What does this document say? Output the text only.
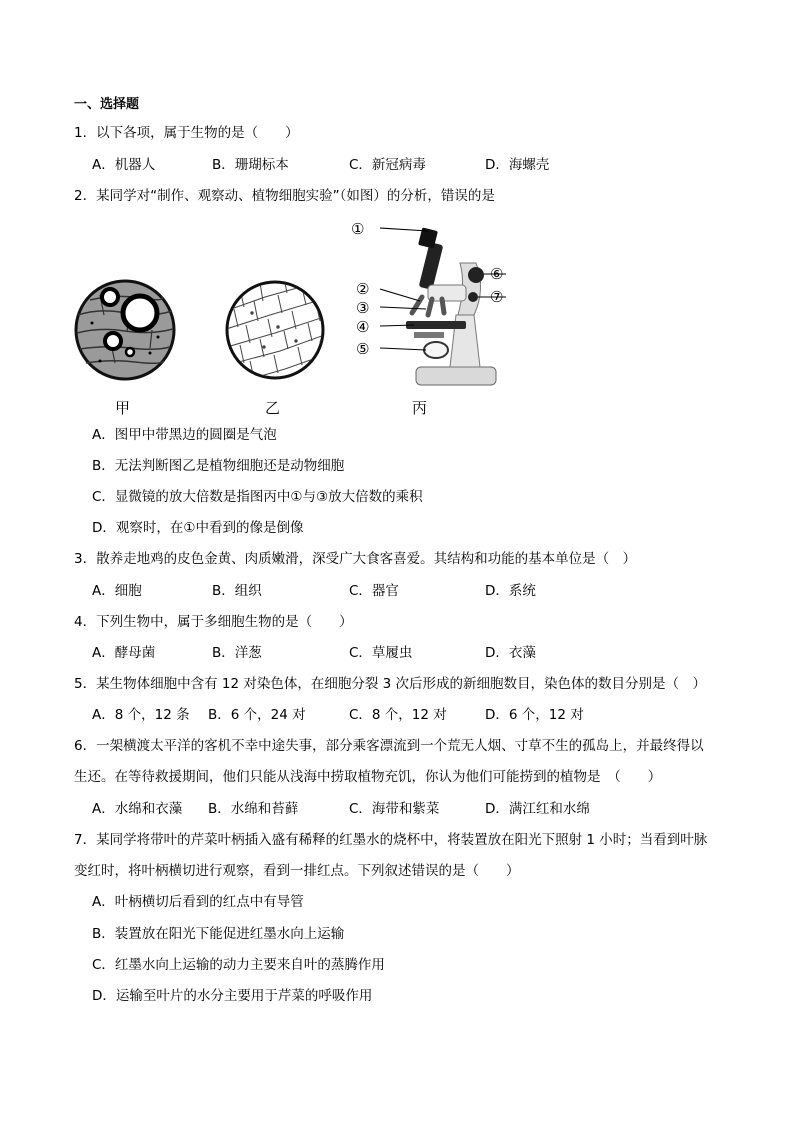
一、选择题
1．以下各项，属于生物的是（　　）
A．机器人	B．珊瑚标本	C．新冠病毒	D．海螺壳
2．某同学对“制作、观察动、植物细胞实验”（如图）的分析，错误的是
甲	乙
①
②
③
④
⑤
⑥
⑦
丙
A．图甲中带黑边的圆圈是气泡
B．无法判断图乙是植物细胞还是动物细胞
C．显微镜的放大倍数是指图丙中①与③放大倍数的乘积
D．观察时，在①中看到的像是倒像
3．散养走地鸡的皮色金黄、肉质嫩滑，深受广大食客喜爱。其结构和功能的基本单位是（　）
A．细胞	B．组织	C．器官	D．系统
4．下列生物中，属于多细胞生物的是（　　）
A．酵母菌	B．洋葱	C．草履虫	D．衣藻
5．某生物体细胞中含有 12 对染色体，在细胞分裂 3 次后形成的新细胞数目，染色体的数目分别是（　）
A．8 个，12 条 B．6 个，24 对	C．8 个，12 对	D．6 个，12 对
6．一架横渡太平洋的客机不幸中途失事，部分乘客漂流到一个荒无人烟、寸草不生的孤岛上，并最终得以
生还。在等待救援期间，他们只能从浅海中捞取植物充饥，你认为他们可能捞到的植物是　（　　）
A．水绵和衣藻 B．水绵和苔藓	C．海带和紫菜	D．满江红和水绵
7．某同学将带叶的芹菜叶柄插入盛有稀释的红墨水的烧杯中，将装置放在阳光下照射 1 小时；当看到叶脉
变红时，将叶柄横切进行观察，看到一排红点。下列叙述错误的是（　　）
A．叶柄横切后看到的红点中有导管
B．装置放在阳光下能促进红墨水向上运输
C．红墨水向上运输的动力主要来自叶的蒸腾作用
D．运输至叶片的水分主要用于芹菜的呼吸作用
